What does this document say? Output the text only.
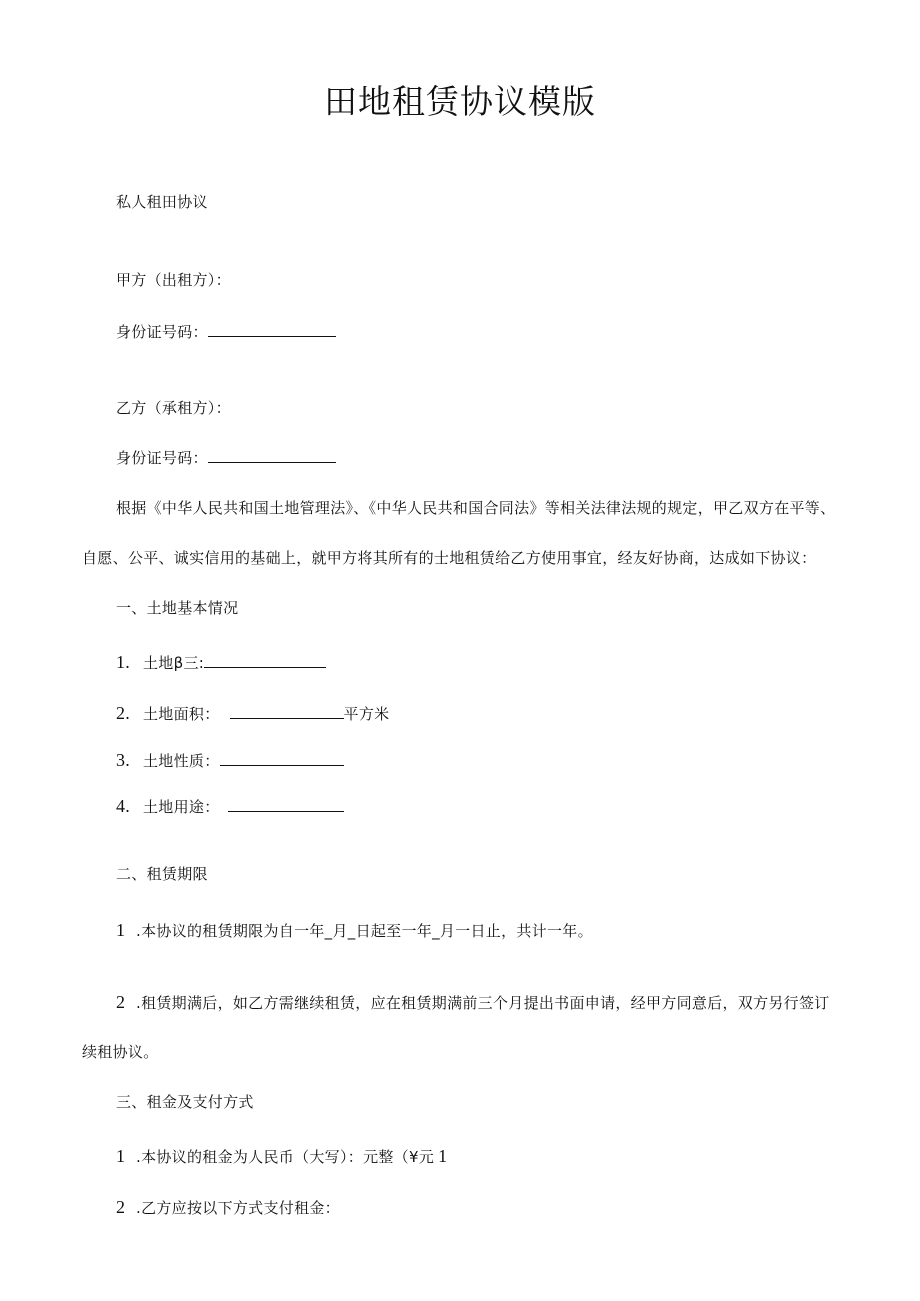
田地租赁协议模版
私人租田协议
甲方（出租方）：
身份证号码：
乙方（承租方）：
身份证号码：
根据《中华人民共和国土地管理法》、《中华人民共和国合同法》等相关法律法规的规定，甲乙双方在平等、
自愿、公平、诚实信用的基础上，就甲方将其所有的士地租赁给乙方使用事宜，经友好协商，达成如下协议：
一、土地基本情况
1. 土地β三:
2. 土地面积：	平方米
3. 土地性质：
4. 土地用途：
二、租赁期限
1 .本协议的租赁期限为自一年_月_日起至一年_月一日止，共计一年。
2 .租赁期满后，如乙方需继续租赁，应在租赁期满前三个月提出书面申请，经甲方同意后，双方另行签订
续租协议。
三、租金及支付方式
1 .本协议的租金为人民币（大写）：元整（¥元 1
2 .乙方应按以下方式支付租金：
